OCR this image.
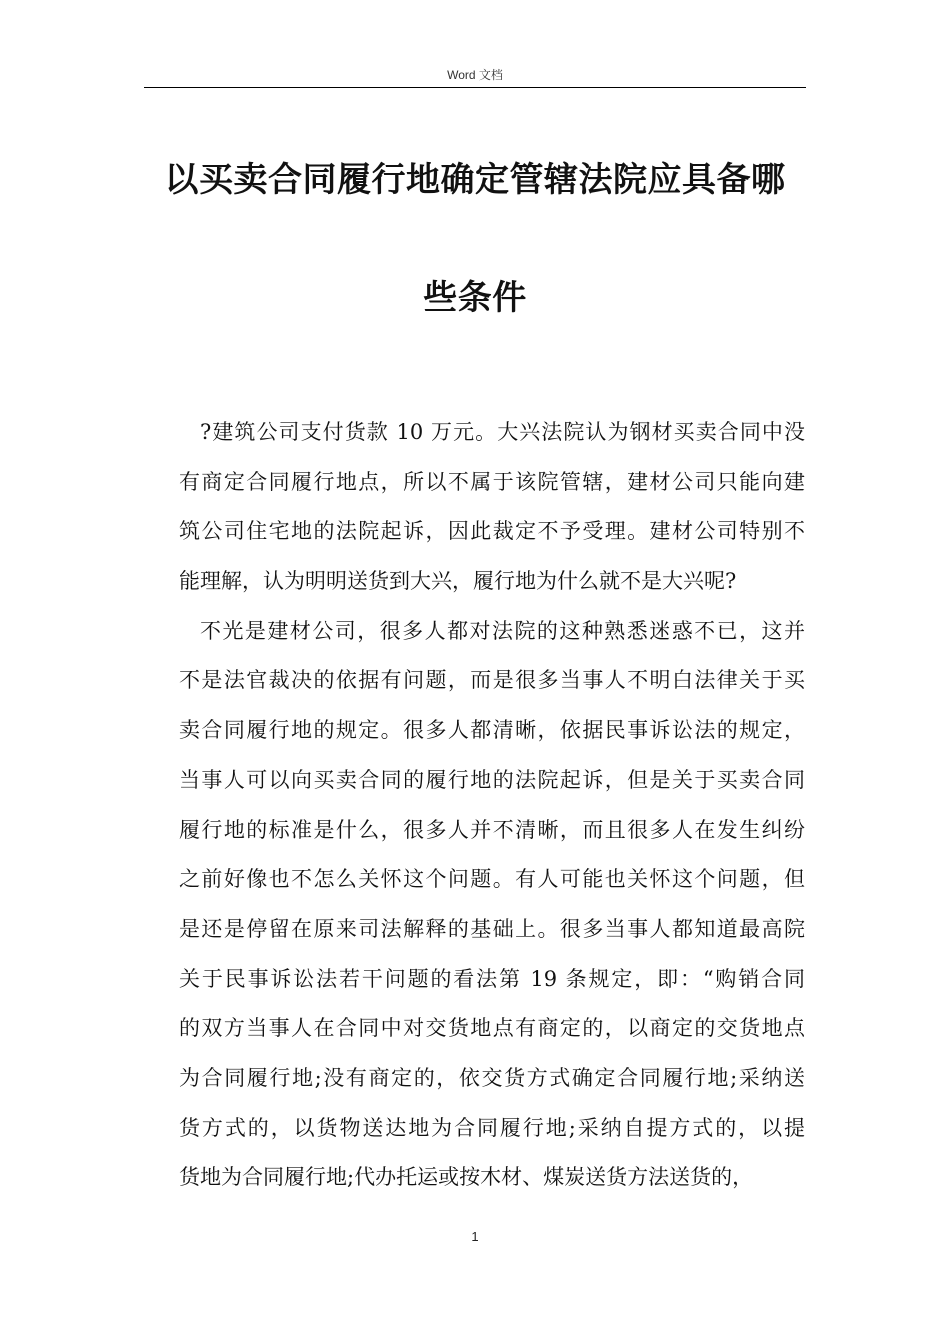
Word 文档
以买卖合同履行地确定管辖法院应具备哪
些条件
?建筑公司支付货款 10 万元。大兴法院认为钢材买卖合同中没
有商定合同履行地点，所以不属于该院管辖，建材公司只能向建
筑公司住宅地的法院起诉，因此裁定不予受理。建材公司特别不
能理解，认为明明送货到大兴，履行地为什么就不是大兴呢?
不光是建材公司，很多人都对法院的这种熟悉迷惑不已，这并
不是法官裁决的依据有问题，而是很多当事人不明白法律关于买
卖合同履行地的规定。很多人都清晰，依据民事诉讼法的规定，
当事人可以向买卖合同的履行地的法院起诉，但是关于买卖合同
履行地的标准是什么，很多人并不清晰，而且很多人在发生纠纷
之前好像也不怎么关怀这个问题。有人可能也关怀这个问题，但
是还是停留在原来司法解释的基础上。很多当事人都知道最高院
关于民事诉讼法若干问题的看法第 19 条规定，即：“购销合同
的双方当事人在合同中对交货地点有商定的，以商定的交货地点
为合同履行地;没有商定的，依交货方式确定合同履行地;采纳送
货方式的，以货物送达地为合同履行地;采纳自提方式的，以提
货地为合同履行地;代办托运或按木材、煤炭送货方法送货的，
1
